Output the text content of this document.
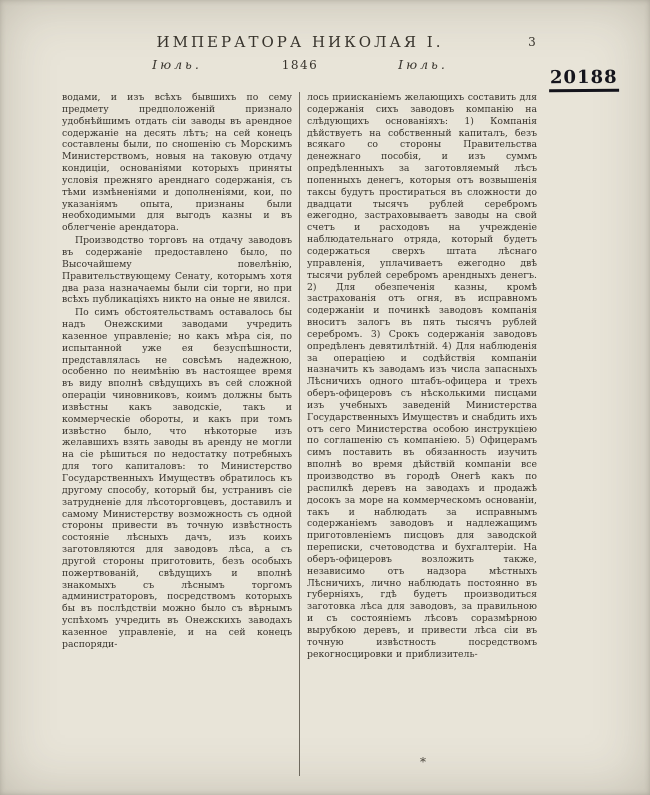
ИМПЕРАТОРА НИКОЛАЯ I.	3
Іюль.	1846	Іюль.
20188

водами, и изъ всѣхъ бывшихъ по сему предмету предположеній признало удобнѣйшимъ отдать сіи заводы въ арендное содержаніе на десять лѣтъ; на сей конецъ составлены были, по сношенію съ Морскимъ Министерствомъ, новыя на таковую отдачу кондиціи, основаніями которыхъ приняты условія прежняго аренднаго содержанія, съ тѣми измѣненіями и дополненіями, кои, по указаніямъ опыта, признаны были необходимыми для выгодъ казны и въ облегченіе арендатора.

Производство торговъ на отдачу заводовъ въ содержаніе предоставлено было, по Высочайшему повелѣнію, Правительствующему Сенату, которымъ хотя два раза назначаемы были сіи торги, но при всѣхъ публикаціяхъ никто на оные не явился.

По симъ обстоятельствамъ оставалось бы надъ Онежскими заводами учредить казенное управленіе; но какъ мѣра сія, по испытанной уже ея безуспѣшности, представлялась не совсѣмъ надежною, особенно по неимѣнію въ настоящее время въ виду вполнѣ свѣдущихъ въ сей сложной операціи чиновниковъ, коимъ должны быть извѣстны какъ заводскіе, такъ и коммерческіе обороты, и какъ при томъ извѣстно было, что нѣкоторые изъ желавшихъ взять заводы въ аренду не могли на сіе рѣшиться по недостатку потребныхъ для того капиталовъ: то Министерство Государственныхъ Имуществъ обратилось къ другому способу, который бы, устранивъ сіе затрудненіе для лѣсоторговцевъ, доставилъ и самому Министерству возможность съ одной стороны привести въ точную извѣстность состояніе лѣсныхъ дачъ, изъ коихъ заготовляются для заводовъ лѣса, а съ другой стороны приготовить, безъ особыхъ пожертвованій, свѣдущихъ и вполнѣ знакомыхъ съ лѣснымъ торгомъ администраторовъ, посредствомъ которыхъ бы въ послѣдствіи можно было съ вѣрнымъ успѣхомъ учредить въ Онежскихъ заводахъ казенное управленіе, и на сей конецъ распоряди-

лось приисканіемъ желающихъ составить для содержанія сихъ заводовъ компанію на слѣдующихъ основаніяхъ: 1) Компанія дѣйствуетъ на собственный капиталъ, безъ всякаго со стороны Правительства денежнаго пособія, и изъ суммъ опредѣленныхъ за заготовляемый лѣсъ попенныхъ денегъ, которыя отъ возвышенія таксы будутъ простираться въ сложности до двадцати тысячъ рублей серебромъ ежегодно, застраховываетъ заводы на свой счетъ и расходовъ на учрежденіе наблюдательнаго отряда, который будетъ содержаться сверхъ штата лѣснаго управленія, уплачиваетъ ежегодно двѣ тысячи рублей серебромъ арендныхъ денегъ. 2) Для обезпеченія казны, кромѣ застрахованія отъ огня, въ исправномъ содержаніи и починкѣ заводовъ компанія вноситъ залогъ въ пять тысячъ рублей серебромъ. 3) Срокъ содержанія заводовъ опредѣленъ девятилѣтній. 4) Для наблюденія за операціею и содѣйствія компаніи назначить къ заводамъ изъ числа запасныхъ Лѣсничихъ одного штабъ-офицера и трехъ оберъ-офицеровъ съ нѣсколькими писцами изъ учебныхъ заведеній Министерства Государственныхъ Имуществъ и снабдить ихъ отъ сего Министерства особою инструкціею по соглашенію съ компаніею. 5) Офицерамъ симъ поставить въ обязанность изучить вполнѣ во время дѣйствій компаніи все производство въ городѣ Онегѣ какъ по распилкѣ деревъ на заводахъ и продажѣ досокъ за море на коммерческомъ основаніи, такъ и наблюдать за исправнымъ содержаніемъ заводовъ и надлежащимъ приготовленіемъ писцовъ для заводской переписки, счетоводства и бухгалтеріи. На оберъ-офицеровъ возложить также, независимо отъ надзора мѣстныхъ Лѣсничихъ, лично наблюдать постоянно въ губерніяхъ, гдѣ будетъ производиться заготовка лѣса для заводовъ, за правильною и съ состояніемъ лѣсовъ соразмѣрною вырубкою деревъ, и привести лѣса сіи въ точную извѣстность посредствомъ рекогносцировки и приблизитель-

*
